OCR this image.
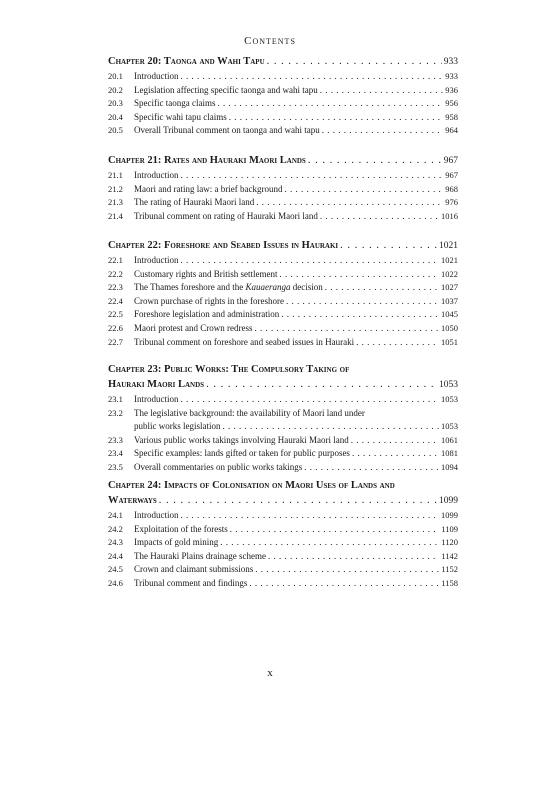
Contents
Chapter 20: Taonga and Wahi Tapu . . .	933
20.1	Introduction . . .	933
20.2	Legislation affecting specific taonga and wahi tapu . . .	936
20.3	Specific taonga claims . . .	956
20.4	Specific wahi tapu claims . . .	958
20.5	Overall Tribunal comment on taonga and wahi tapu . . .	964
Chapter 21: Rates and Hauraki Maori Lands . . .	967
21.1	Introduction . . .	967
21.2	Maori and rating law: a brief background . . .	968
21.3	The rating of Hauraki Maori land . . .	976
21.4	Tribunal comment on rating of Hauraki Maori land . . .	1016
Chapter 22: Foreshore and Seabed Issues in Hauraki . . .	1021
22.1	Introduction . . .	1021
22.2	Customary rights and British settlement . . .	1022
22.3	The Thames foreshore and the Kauaeranga decision . . .	1027
22.4	Crown purchase of rights in the foreshore . . .	1037
22.5	Foreshore legislation and administration . . .	1045
22.6	Maori protest and Crown redress . . .	1050
22.7	Tribunal comment on foreshore and seabed issues in Hauraki . . .	1051
Chapter 23: Public Works: The Compulsory Taking of
Hauraki Maori Lands . . .	1053
23.1	Introduction . . .	1053
23.2	The legislative background: the availability of Maori land under
public works legislation . . .	1053
23.3	Various public works takings involving Hauraki Maori land . . .	1061
23.4	Specific examples: lands gifted or taken for public purposes . . .	1081
23.5	Overall commentaries on public works takings . . .	1094
Chapter 24: Impacts of Colonisation on Maori Uses of Lands and
Waterways . . .	1099
24.1	Introduction . . .	1099
24.2	Exploitation of the forests . . .	1109
24.3	Impacts of gold mining . . .	1120
24.4	The Hauraki Plains drainage scheme . . .	1142
24.5	Crown and claimant submissions . . .	1152
24.6	Tribunal comment and findings . . .	1158
x
